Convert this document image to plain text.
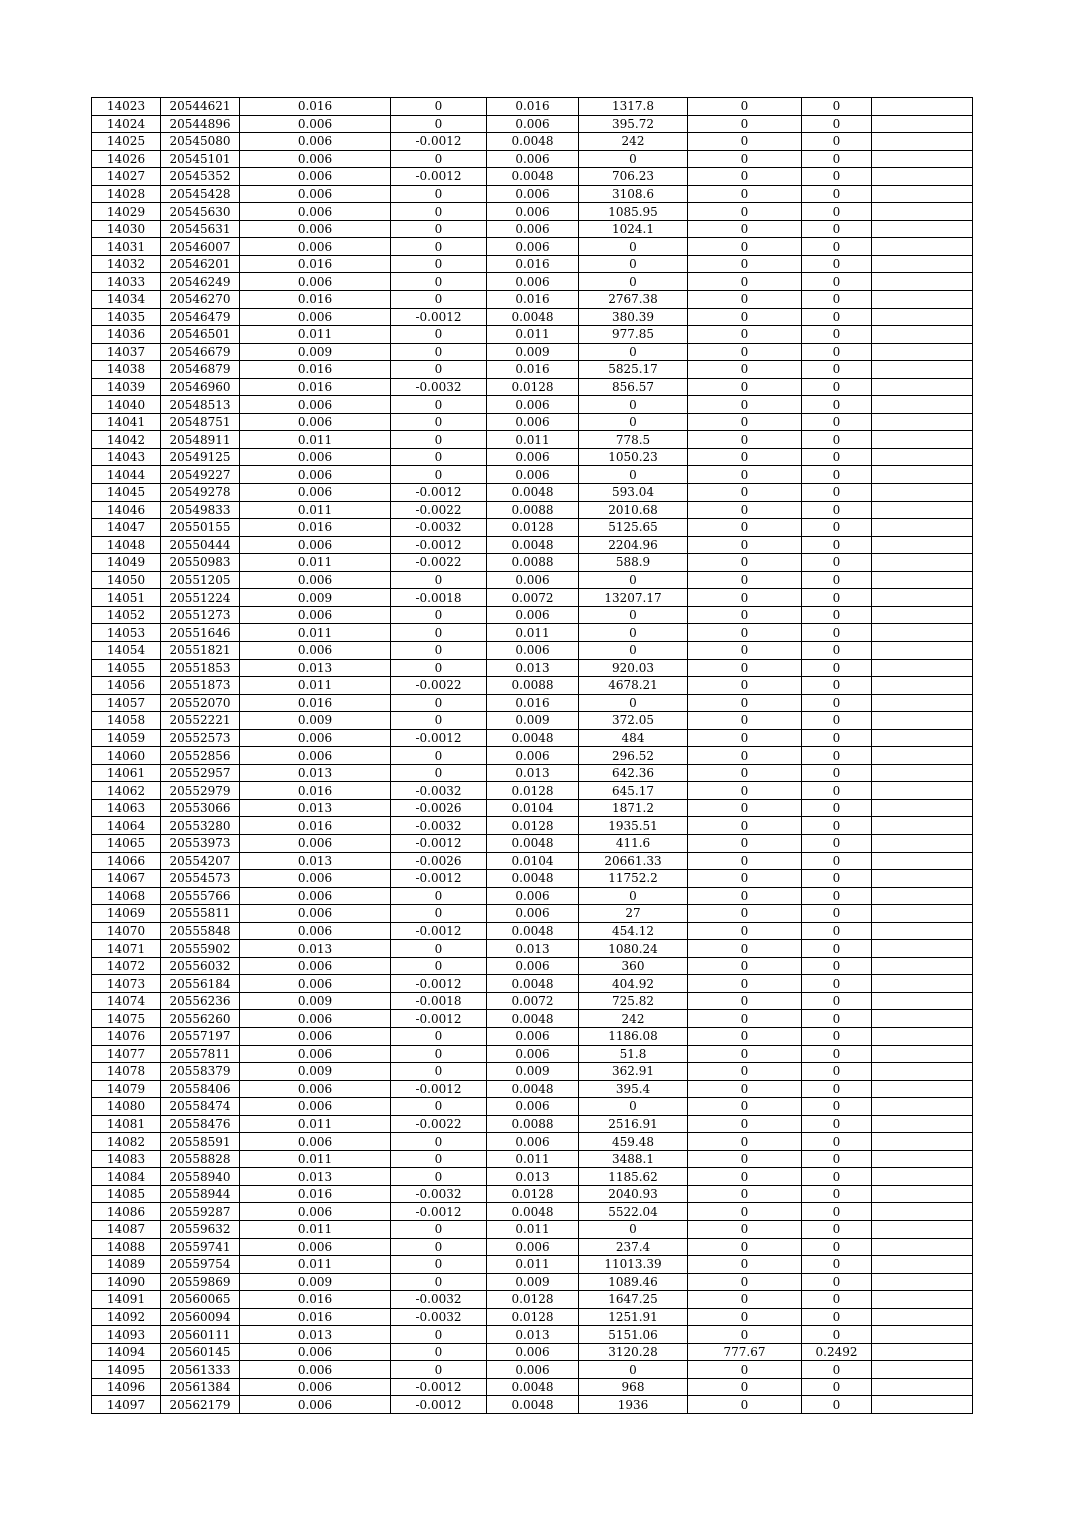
14023	20544621	0.016	0	0.016	1317.8	0	0	
14024	20544896	0.006	0	0.006	395.72	0	0	
14025	20545080	0.006	-0.0012	0.0048	242	0	0	
14026	20545101	0.006	0	0.006	0	0	0	
14027	20545352	0.006	-0.0012	0.0048	706.23	0	0	
14028	20545428	0.006	0	0.006	3108.6	0	0	
14029	20545630	0.006	0	0.006	1085.95	0	0	
14030	20545631	0.006	0	0.006	1024.1	0	0	
14031	20546007	0.006	0	0.006	0	0	0	
14032	20546201	0.016	0	0.016	0	0	0	
14033	20546249	0.006	0	0.006	0	0	0	
14034	20546270	0.016	0	0.016	2767.38	0	0	
14035	20546479	0.006	-0.0012	0.0048	380.39	0	0	
14036	20546501	0.011	0	0.011	977.85	0	0	
14037	20546679	0.009	0	0.009	0	0	0	
14038	20546879	0.016	0	0.016	5825.17	0	0	
14039	20546960	0.016	-0.0032	0.0128	856.57	0	0	
14040	20548513	0.006	0	0.006	0	0	0	
14041	20548751	0.006	0	0.006	0	0	0	
14042	20548911	0.011	0	0.011	778.5	0	0	
14043	20549125	0.006	0	0.006	1050.23	0	0	
14044	20549227	0.006	0	0.006	0	0	0	
14045	20549278	0.006	-0.0012	0.0048	593.04	0	0	
14046	20549833	0.011	-0.0022	0.0088	2010.68	0	0	
14047	20550155	0.016	-0.0032	0.0128	5125.65	0	0	
14048	20550444	0.006	-0.0012	0.0048	2204.96	0	0	
14049	20550983	0.011	-0.0022	0.0088	588.9	0	0	
14050	20551205	0.006	0	0.006	0	0	0	
14051	20551224	0.009	-0.0018	0.0072	13207.17	0	0	
14052	20551273	0.006	0	0.006	0	0	0	
14053	20551646	0.011	0	0.011	0	0	0	
14054	20551821	0.006	0	0.006	0	0	0	
14055	20551853	0.013	0	0.013	920.03	0	0	
14056	20551873	0.011	-0.0022	0.0088	4678.21	0	0	
14057	20552070	0.016	0	0.016	0	0	0	
14058	20552221	0.009	0	0.009	372.05	0	0	
14059	20552573	0.006	-0.0012	0.0048	484	0	0	
14060	20552856	0.006	0	0.006	296.52	0	0	
14061	20552957	0.013	0	0.013	642.36	0	0	
14062	20552979	0.016	-0.0032	0.0128	645.17	0	0	
14063	20553066	0.013	-0.0026	0.0104	1871.2	0	0	
14064	20553280	0.016	-0.0032	0.0128	1935.51	0	0	
14065	20553973	0.006	-0.0012	0.0048	411.6	0	0	
14066	20554207	0.013	-0.0026	0.0104	20661.33	0	0	
14067	20554573	0.006	-0.0012	0.0048	11752.2	0	0	
14068	20555766	0.006	0	0.006	0	0	0	
14069	20555811	0.006	0	0.006	27	0	0	
14070	20555848	0.006	-0.0012	0.0048	454.12	0	0	
14071	20555902	0.013	0	0.013	1080.24	0	0	
14072	20556032	0.006	0	0.006	360	0	0	
14073	20556184	0.006	-0.0012	0.0048	404.92	0	0	
14074	20556236	0.009	-0.0018	0.0072	725.82	0	0	
14075	20556260	0.006	-0.0012	0.0048	242	0	0	
14076	20557197	0.006	0	0.006	1186.08	0	0	
14077	20557811	0.006	0	0.006	51.8	0	0	
14078	20558379	0.009	0	0.009	362.91	0	0	
14079	20558406	0.006	-0.0012	0.0048	395.4	0	0	
14080	20558474	0.006	0	0.006	0	0	0	
14081	20558476	0.011	-0.0022	0.0088	2516.91	0	0	
14082	20558591	0.006	0	0.006	459.48	0	0	
14083	20558828	0.011	0	0.011	3488.1	0	0	
14084	20558940	0.013	0	0.013	1185.62	0	0	
14085	20558944	0.016	-0.0032	0.0128	2040.93	0	0	
14086	20559287	0.006	-0.0012	0.0048	5522.04	0	0	
14087	20559632	0.011	0	0.011	0	0	0	
14088	20559741	0.006	0	0.006	237.4	0	0	
14089	20559754	0.011	0	0.011	11013.39	0	0	
14090	20559869	0.009	0	0.009	1089.46	0	0	
14091	20560065	0.016	-0.0032	0.0128	1647.25	0	0	
14092	20560094	0.016	-0.0032	0.0128	1251.91	0	0	
14093	20560111	0.013	0	0.013	5151.06	0	0	
14094	20560145	0.006	0	0.006	3120.28	777.67	0.2492	
14095	20561333	0.006	0	0.006	0	0	0	
14096	20561384	0.006	-0.0012	0.0048	968	0	0	
14097	20562179	0.006	-0.0012	0.0048	1936	0	0	
